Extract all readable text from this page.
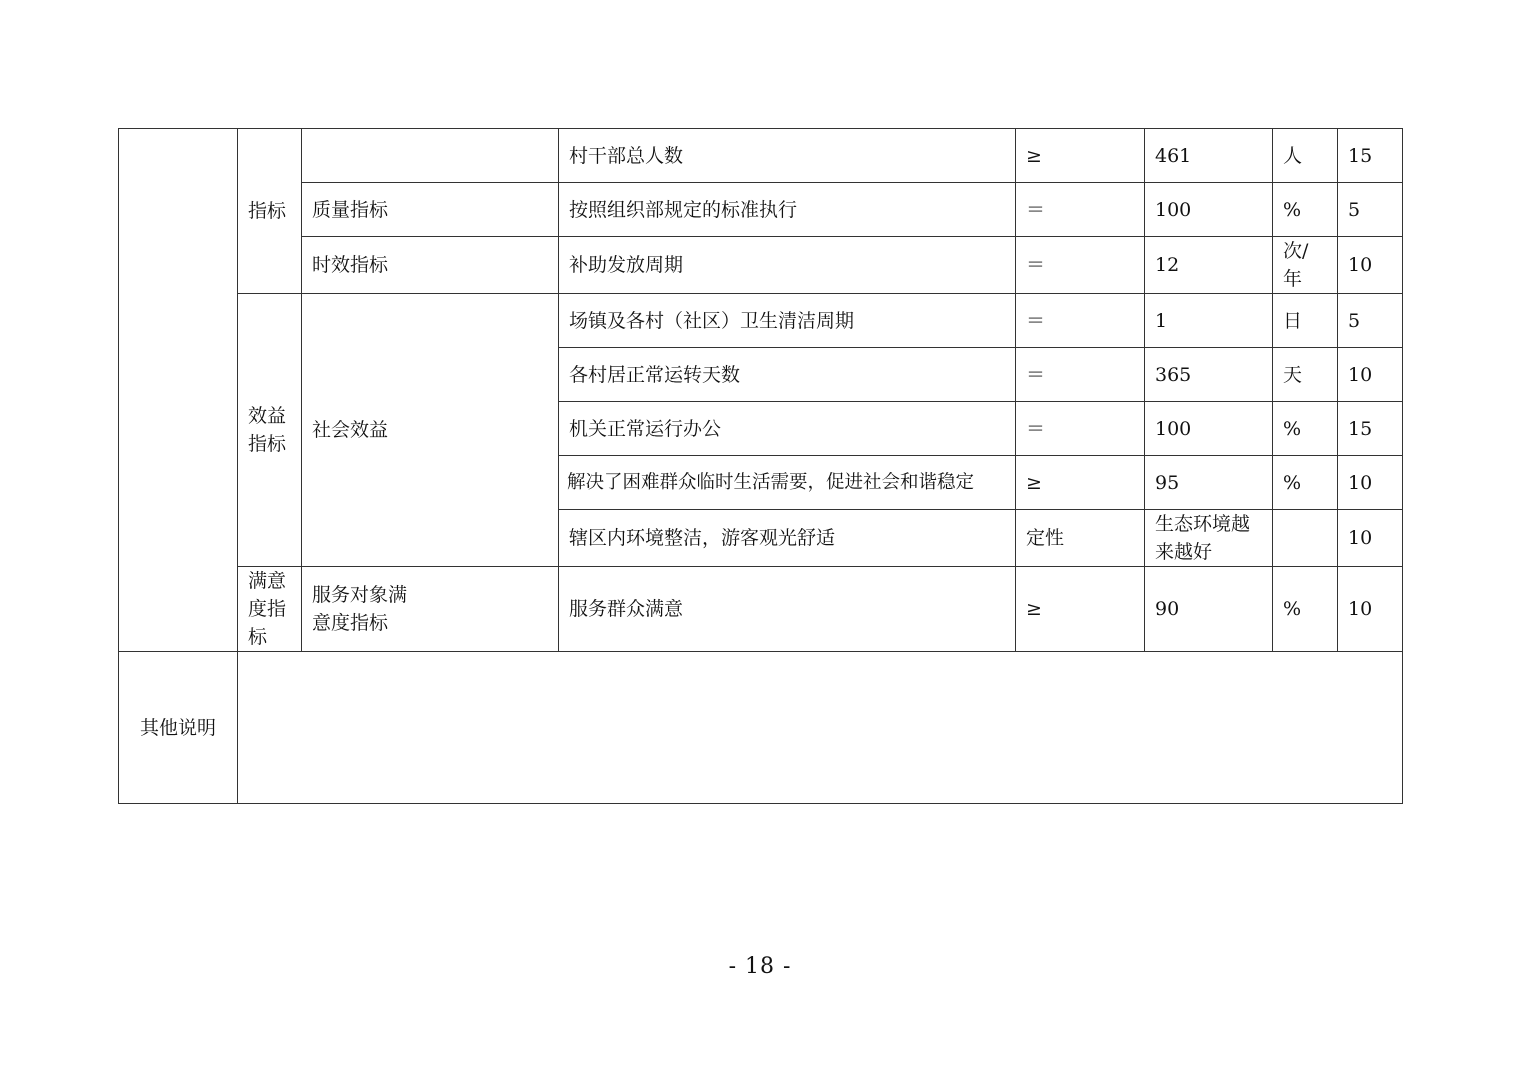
	指标		村干部总人数	≥	461	人	15
		质量指标	按照组织部规定的标准执行	＝	100	%	5
		时效指标	补助发放周期	＝	12	次/年	10
	效益指标	社会效益	场镇及各村（社区）卫生清洁周期	＝	1	日	5
			各村居正常运转天数	＝	365	天	10
			机关正常运行办公	＝	100	%	15
			解决了困难群众临时生活需要，促进社会和谐稳定	≥	95	%	10
			辖区内环境整洁，游客观光舒适	定性	生态环境越来越好		10
	满意度指标	服务对象满意度指标	服务群众满意	≥	90	%	10
其他说明							
- 18 -
